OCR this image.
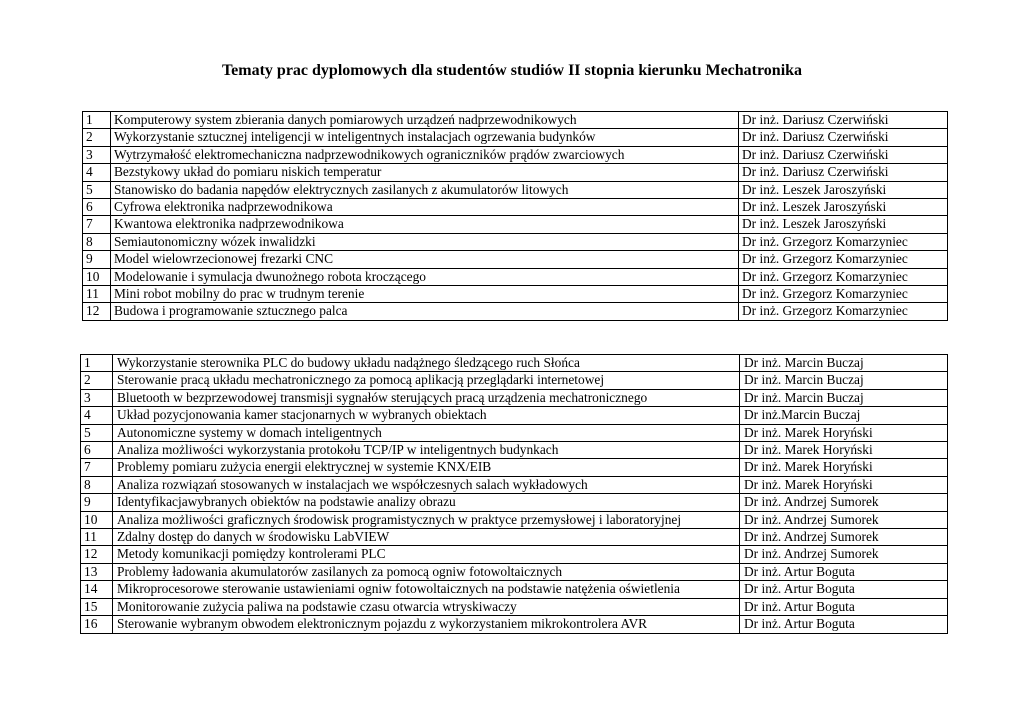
Tematy prac dyplomowych dla studentów studiów II stopnia kierunku Mechatronika
1	Komputerowy system zbierania danych pomiarowych urządzeń nadprzewodnikowych	Dr inż. Dariusz Czerwiński
2	Wykorzystanie sztucznej inteligencji w inteligentnych instalacjach ogrzewania budynków	Dr inż. Dariusz Czerwiński
3	Wytrzymałość elektromechaniczna nadprzewodnikowych ograniczników prądów zwarciowych	Dr inż. Dariusz Czerwiński
4	Bezstykowy układ do pomiaru niskich temperatur	Dr inż. Dariusz Czerwiński
5	Stanowisko do badania napędów elektrycznych zasilanych z akumulatorów litowych	Dr inż. Leszek Jaroszyński
6	Cyfrowa elektronika nadprzewodnikowa	Dr inż. Leszek Jaroszyński
7	Kwantowa elektronika nadprzewodnikowa	Dr inż. Leszek Jaroszyński
8	Semiautonomiczny wózek inwalidzki	Dr inż. Grzegorz Komarzyniec
9	Model wielowrzecionowej frezarki CNC	Dr inż. Grzegorz Komarzyniec
10	Modelowanie i symulacja dwunożnego robota kroczącego	Dr inż. Grzegorz Komarzyniec
11	Mini robot mobilny do prac w trudnym terenie	Dr inż. Grzegorz Komarzyniec
12	Budowa i programowanie sztucznego palca	Dr inż. Grzegorz Komarzyniec
1	Wykorzystanie sterownika PLC do budowy układu nadążnego śledzącego ruch Słońca	Dr inż. Marcin Buczaj
2	Sterowanie pracą układu mechatronicznego za pomocą aplikacją przeglądarki internetowej	Dr inż. Marcin Buczaj
3	Bluetooth w bezprzewodowej transmisji sygnałów sterujących pracą urządzenia mechatronicznego	Dr inż. Marcin Buczaj
4	Układ pozycjonowania kamer stacjonarnych w wybranych obiektach	Dr inż.Marcin Buczaj
5	Autonomiczne systemy w domach inteligentnych	Dr inż. Marek Horyński
6	Analiza możliwości wykorzystania protokołu TCP/IP w inteligentnych budynkach	Dr inż. Marek Horyński
7	Problemy pomiaru zużycia energii elektrycznej w systemie KNX/EIB	Dr inż. Marek Horyński
8	Analiza rozwiązań stosowanych w instalacjach we współczesnych salach wykładowych	Dr inż. Marek Horyński
9	Identyfikacjawybranych obiektów na podstawie analizy obrazu	Dr inż. Andrzej Sumorek
10	Analiza możliwości graficznych środowisk programistycznych w praktyce przemysłowej i laboratoryjnej	Dr inż. Andrzej Sumorek
11	Zdalny dostęp do danych w środowisku LabVIEW	Dr inż. Andrzej Sumorek
12	Metody komunikacji pomiędzy kontrolerami PLC	Dr inż. Andrzej Sumorek
13	Problemy ładowania akumulatorów zasilanych za pomocą ogniw fotowoltaicznych	Dr inż. Artur Boguta
14	Mikroprocesorowe sterowanie ustawieniami ogniw fotowoltaicznych na podstawie natężenia oświetlenia	Dr inż. Artur Boguta
15	Monitorowanie zużycia paliwa na podstawie czasu otwarcia wtryskiwaczy	Dr inż. Artur Boguta
16	Sterowanie wybranym obwodem elektronicznym pojazdu z wykorzystaniem mikrokontrolera AVR	Dr inż. Artur Boguta
